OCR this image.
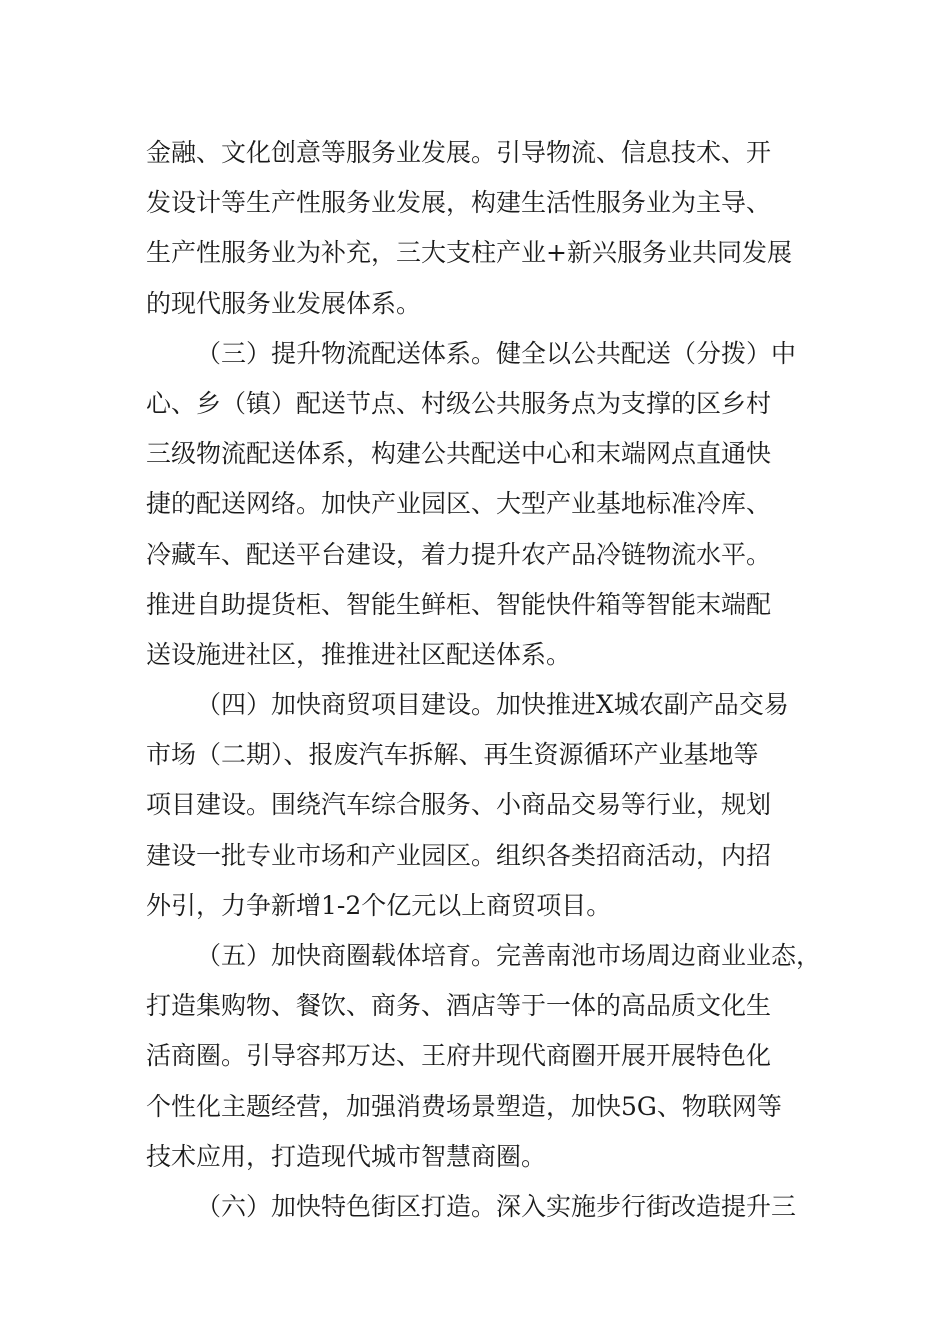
金融、文化创意等服务业发展。引导物流、信息技术、开
发设计等生产性服务业发展，构建生活性服务业为主导、
生产性服务业为补充，三大支柱产业+新兴服务业共同发展
的现代服务业发展体系。
（三）提升物流配送体系。健全以公共配送（分拨）中
心、乡（镇）配送节点、村级公共服务点为支撑的区乡村
三级物流配送体系，构建公共配送中心和末端网点直通快
捷的配送网络。加快产业园区、大型产业基地标准冷库、
冷藏车、配送平台建设，着力提升农产品冷链物流水平。
推进自助提货柜、智能生鲜柜、智能快件箱等智能末端配
送设施进社区，推推进社区配送体系。
（四）加快商贸项目建设。加快推进X城农副产品交易
市场（二期）、报废汽车拆解、再生资源循环产业基地等
项目建设。围绕汽车综合服务、小商品交易等行业，规划
建设一批专业市场和产业园区。组织各类招商活动，内招
外引，力争新增1-2个亿元以上商贸项目。
（五）加快商圈载体培育。完善南池市场周边商业业态，
打造集购物、餐饮、商务、酒店等于一体的高品质文化生
活商圈。引导容邦万达、王府井现代商圈开展开展特色化
个性化主题经营，加强消费场景塑造，加快5G、物联网等
技术应用，打造现代城市智慧商圈。
（六）加快特色街区打造。深入实施步行街改造提升三
